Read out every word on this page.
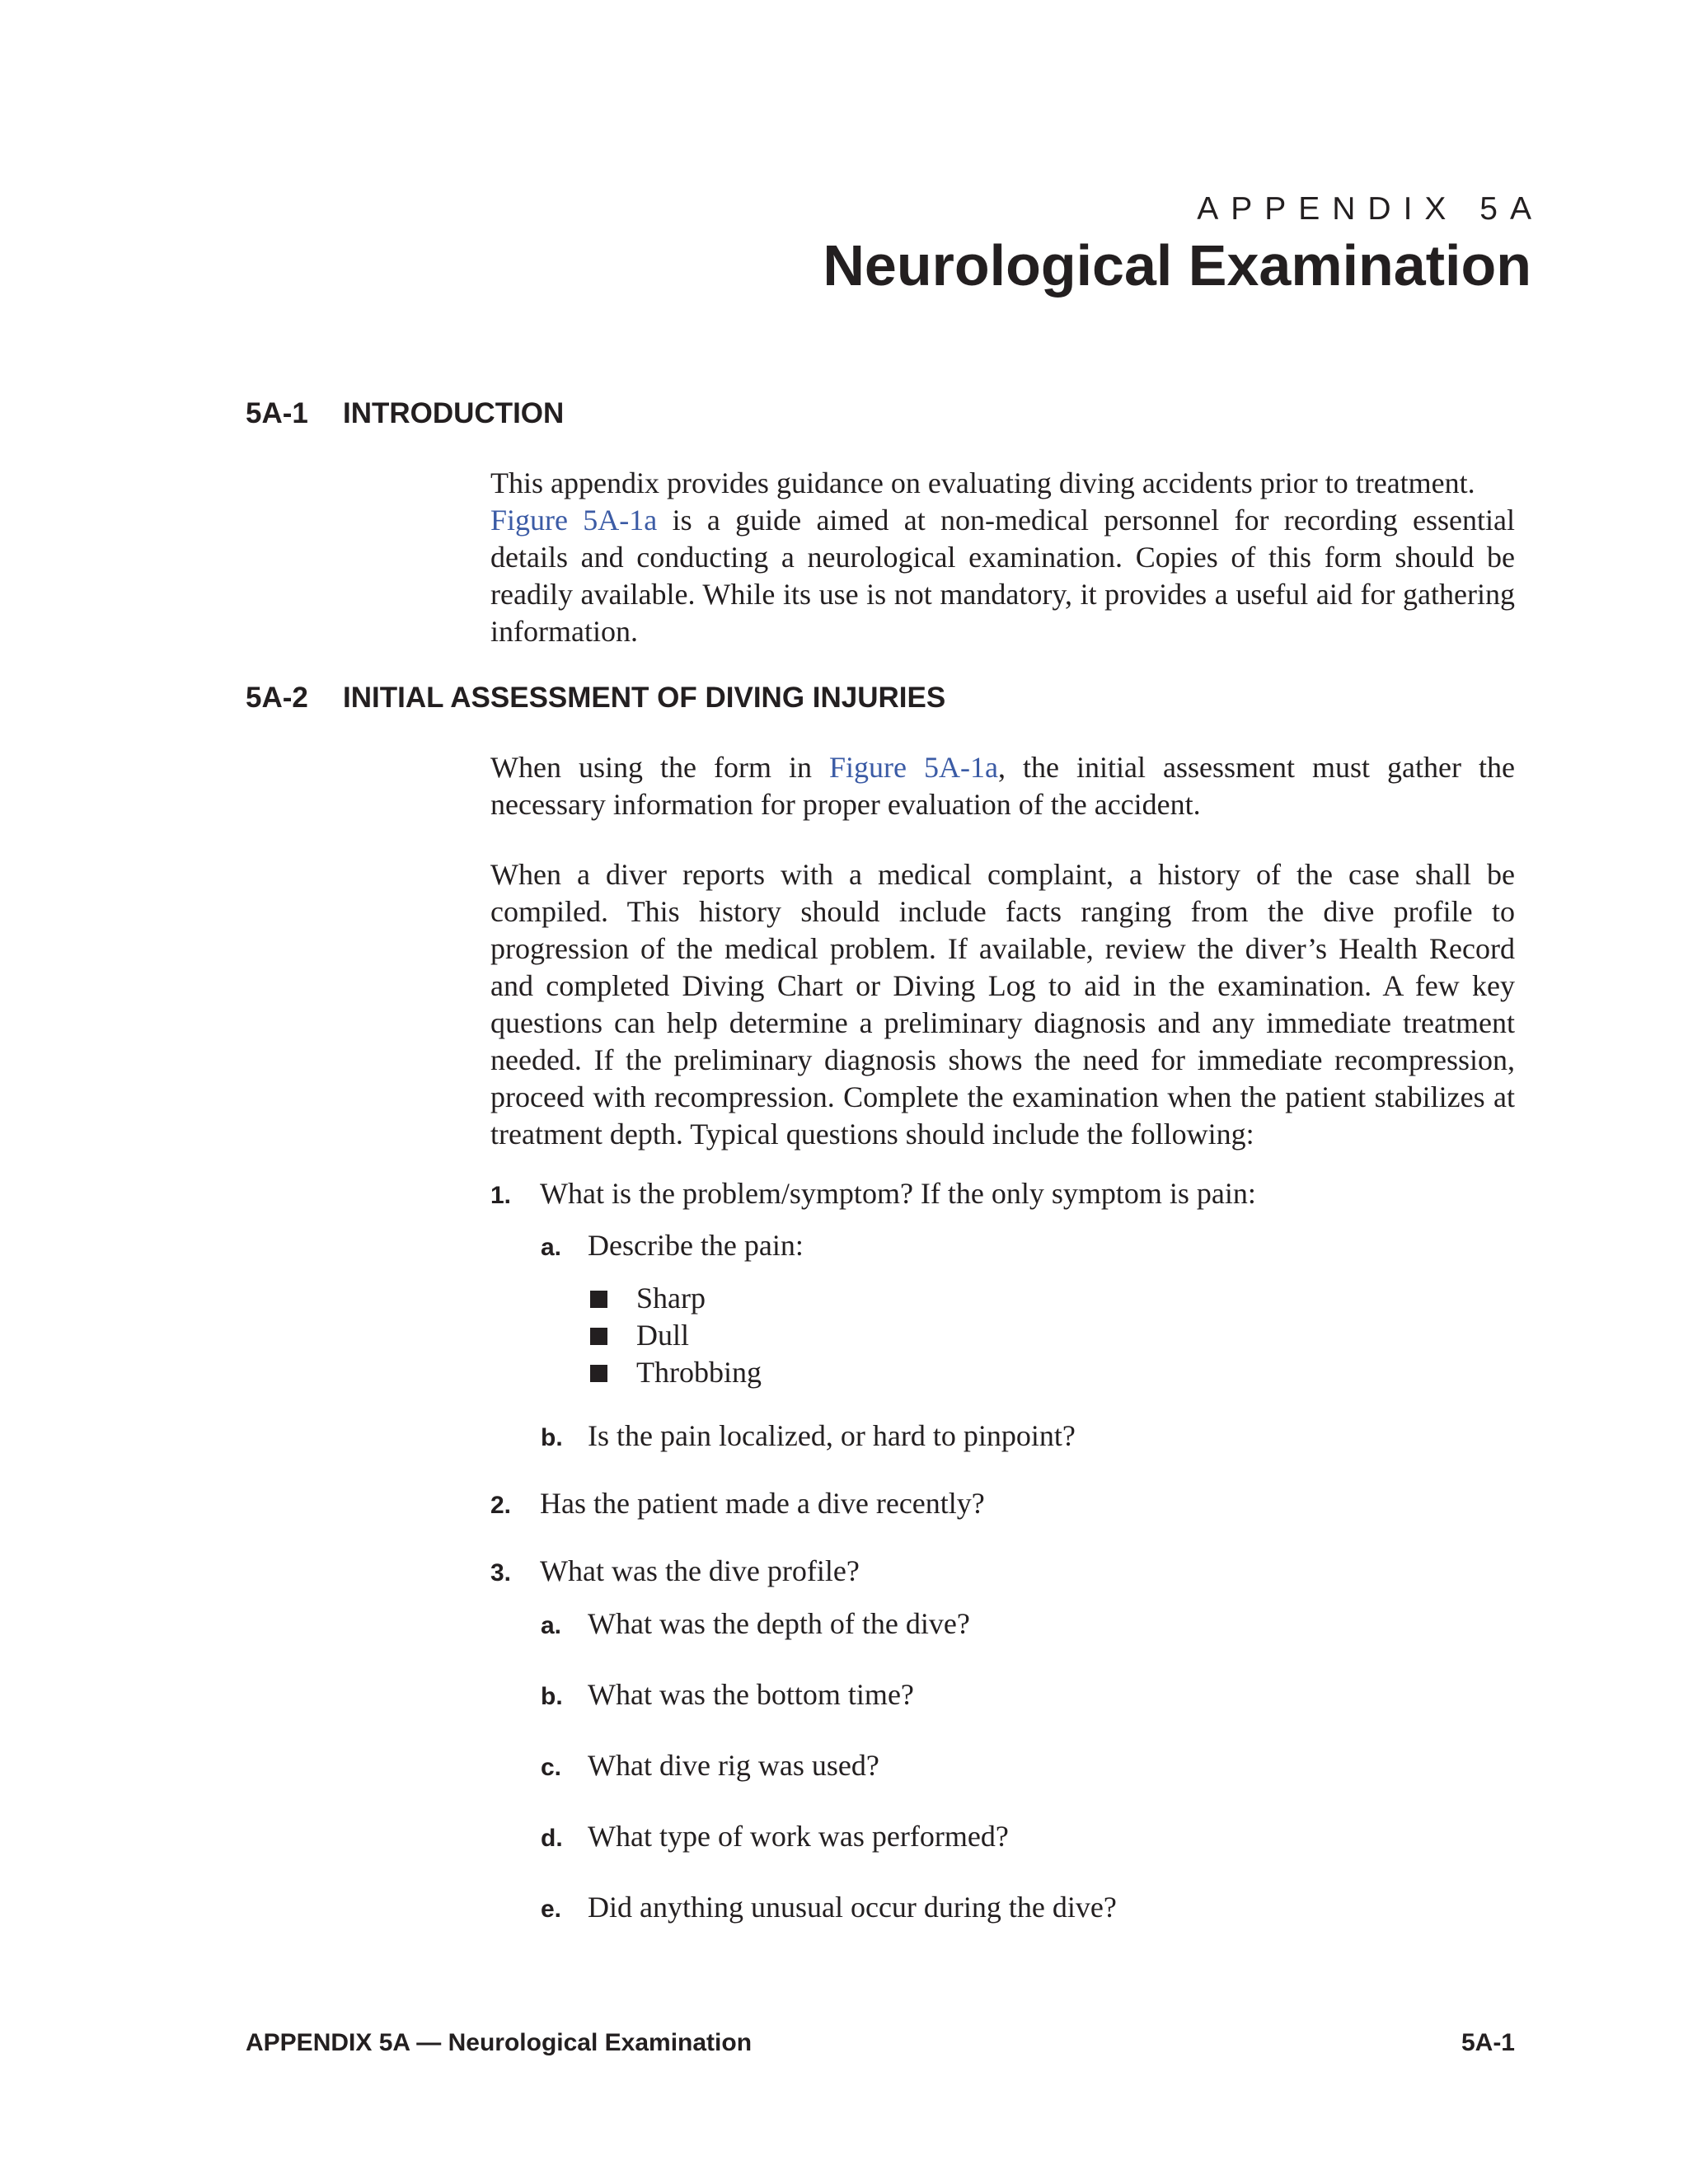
APPENDIX 5A
Neurological Examination
5A-1 INTRODUCTION

This appendix provides guidance on evaluating diving accidents prior to treatment.
Figure 5A-1a is a guide aimed at non-medical personnel for recording essential details and conducting a neurological examination. Copies of this form should be readily available. While its use is not mandatory, it provides a useful aid for gathering information.

5A-2 INITIAL ASSESSMENT OF DIVING INJURIES

When using the form in Figure 5A-1a, the initial assessment must gather the necessary information for proper evaluation of the accident.

When a diver reports with a medical complaint, a history of the case shall be compiled. This history should include facts ranging from the dive profile to progression of the medical problem. If available, review the diver’s Health Record and completed Diving Chart or Diving Log to aid in the examination. A few key questions can help determine a preliminary diagnosis and any immediate treatment needed. If the preliminary diagnosis shows the need for immediate recompression, proceed with recompression. Complete the examination when the patient stabilizes at treatment depth. Typical questions should include the following:

1. What is the problem/symptom? If the only symptom is pain:
a. Describe the pain:
Sharp
Dull
Throbbing
b. Is the pain localized, or hard to pinpoint?
2. Has the patient made a dive recently?
3. What was the dive profile?
a. What was the depth of the dive?
b. What was the bottom time?
c. What dive rig was used?
d. What type of work was performed?
e. Did anything unusual occur during the dive?
APPENDIX 5A — Neurological Examination	5A-1
